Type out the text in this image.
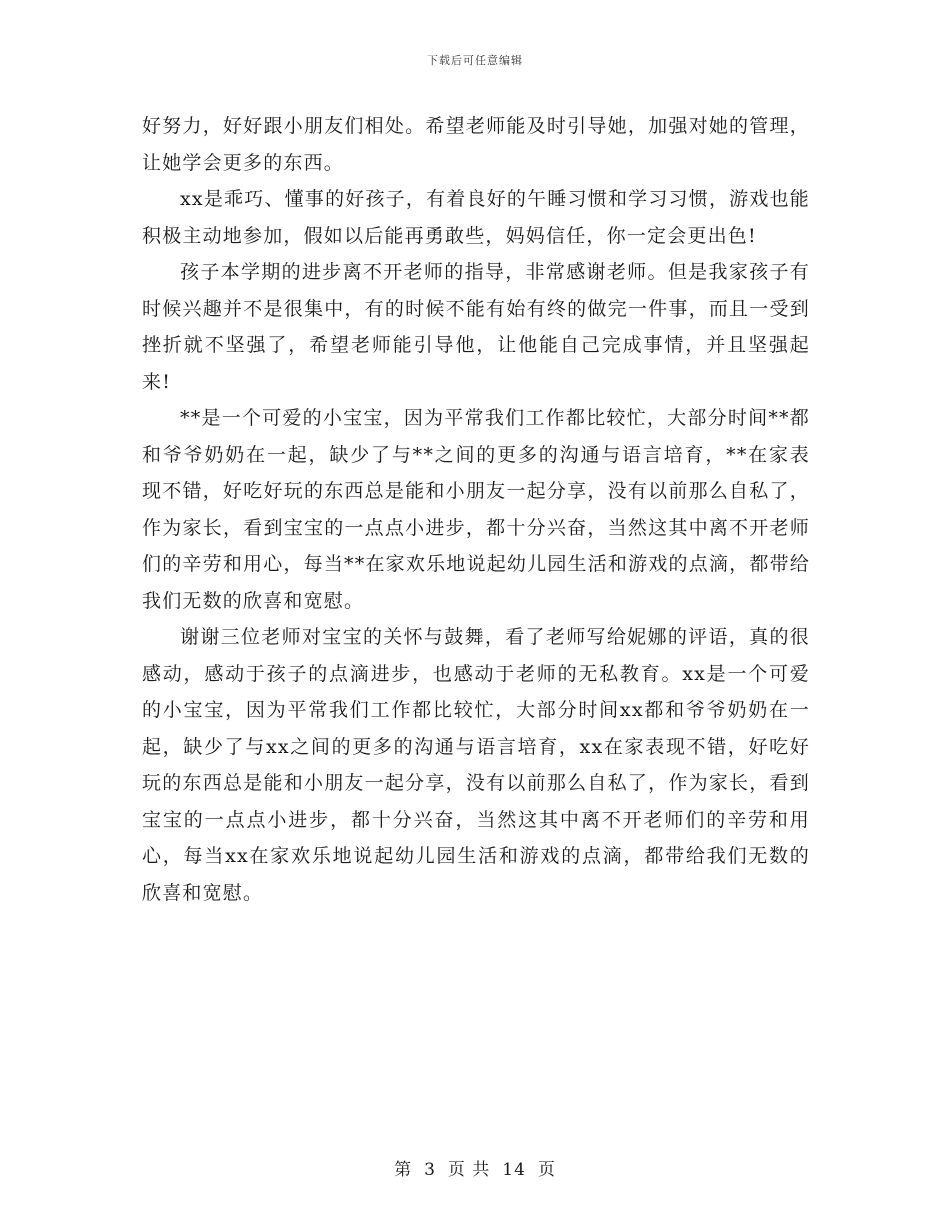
下载后可任意编辑

好努力，好好跟小朋友们相处。希望老师能及时引导她，加强对她的管理，让她学会更多的东西。

xx是乖巧、懂事的好孩子，有着良好的午睡习惯和学习习惯，游戏也能积极主动地参加，假如以后能再勇敢些，妈妈信任，你一定会更出色!

孩子本学期的进步离不开老师的指导，非常感谢老师。但是我家孩子有时候兴趣并不是很集中，有的时候不能有始有终的做完一件事，而且一受到挫折就不坚强了，希望老师能引导他，让他能自己完成事情，并且坚强起来!

**是一个可爱的小宝宝，因为平常我们工作都比较忙，大部分时间**都和爷爷奶奶在一起，缺少了与**之间的更多的沟通与语言培育，**在家表现不错，好吃好玩的东西总是能和小朋友一起分享，没有以前那么自私了，作为家长，看到宝宝的一点点小进步，都十分兴奋，当然这其中离不开老师们的辛劳和用心，每当**在家欢乐地说起幼儿园生活和游戏的点滴，都带给我们无数的欣喜和宽慰。

谢谢三位老师对宝宝的关怀与鼓舞，看了老师写给妮娜的评语，真的很感动，感动于孩子的点滴进步，也感动于老师的无私教育。xx是一个可爱的小宝宝，因为平常我们工作都比较忙，大部分时间xx都和爷爷奶奶在一起，缺少了与xx之间的更多的沟通与语言培育，xx在家表现不错，好吃好玩的东西总是能和小朋友一起分享，没有以前那么自私了，作为家长，看到宝宝的一点点小进步，都十分兴奋，当然这其中离不开老师们的辛劳和用心，每当xx在家欢乐地说起幼儿园生活和游戏的点滴，都带给我们无数的欣喜和宽慰。

第 3 页 共 14 页
